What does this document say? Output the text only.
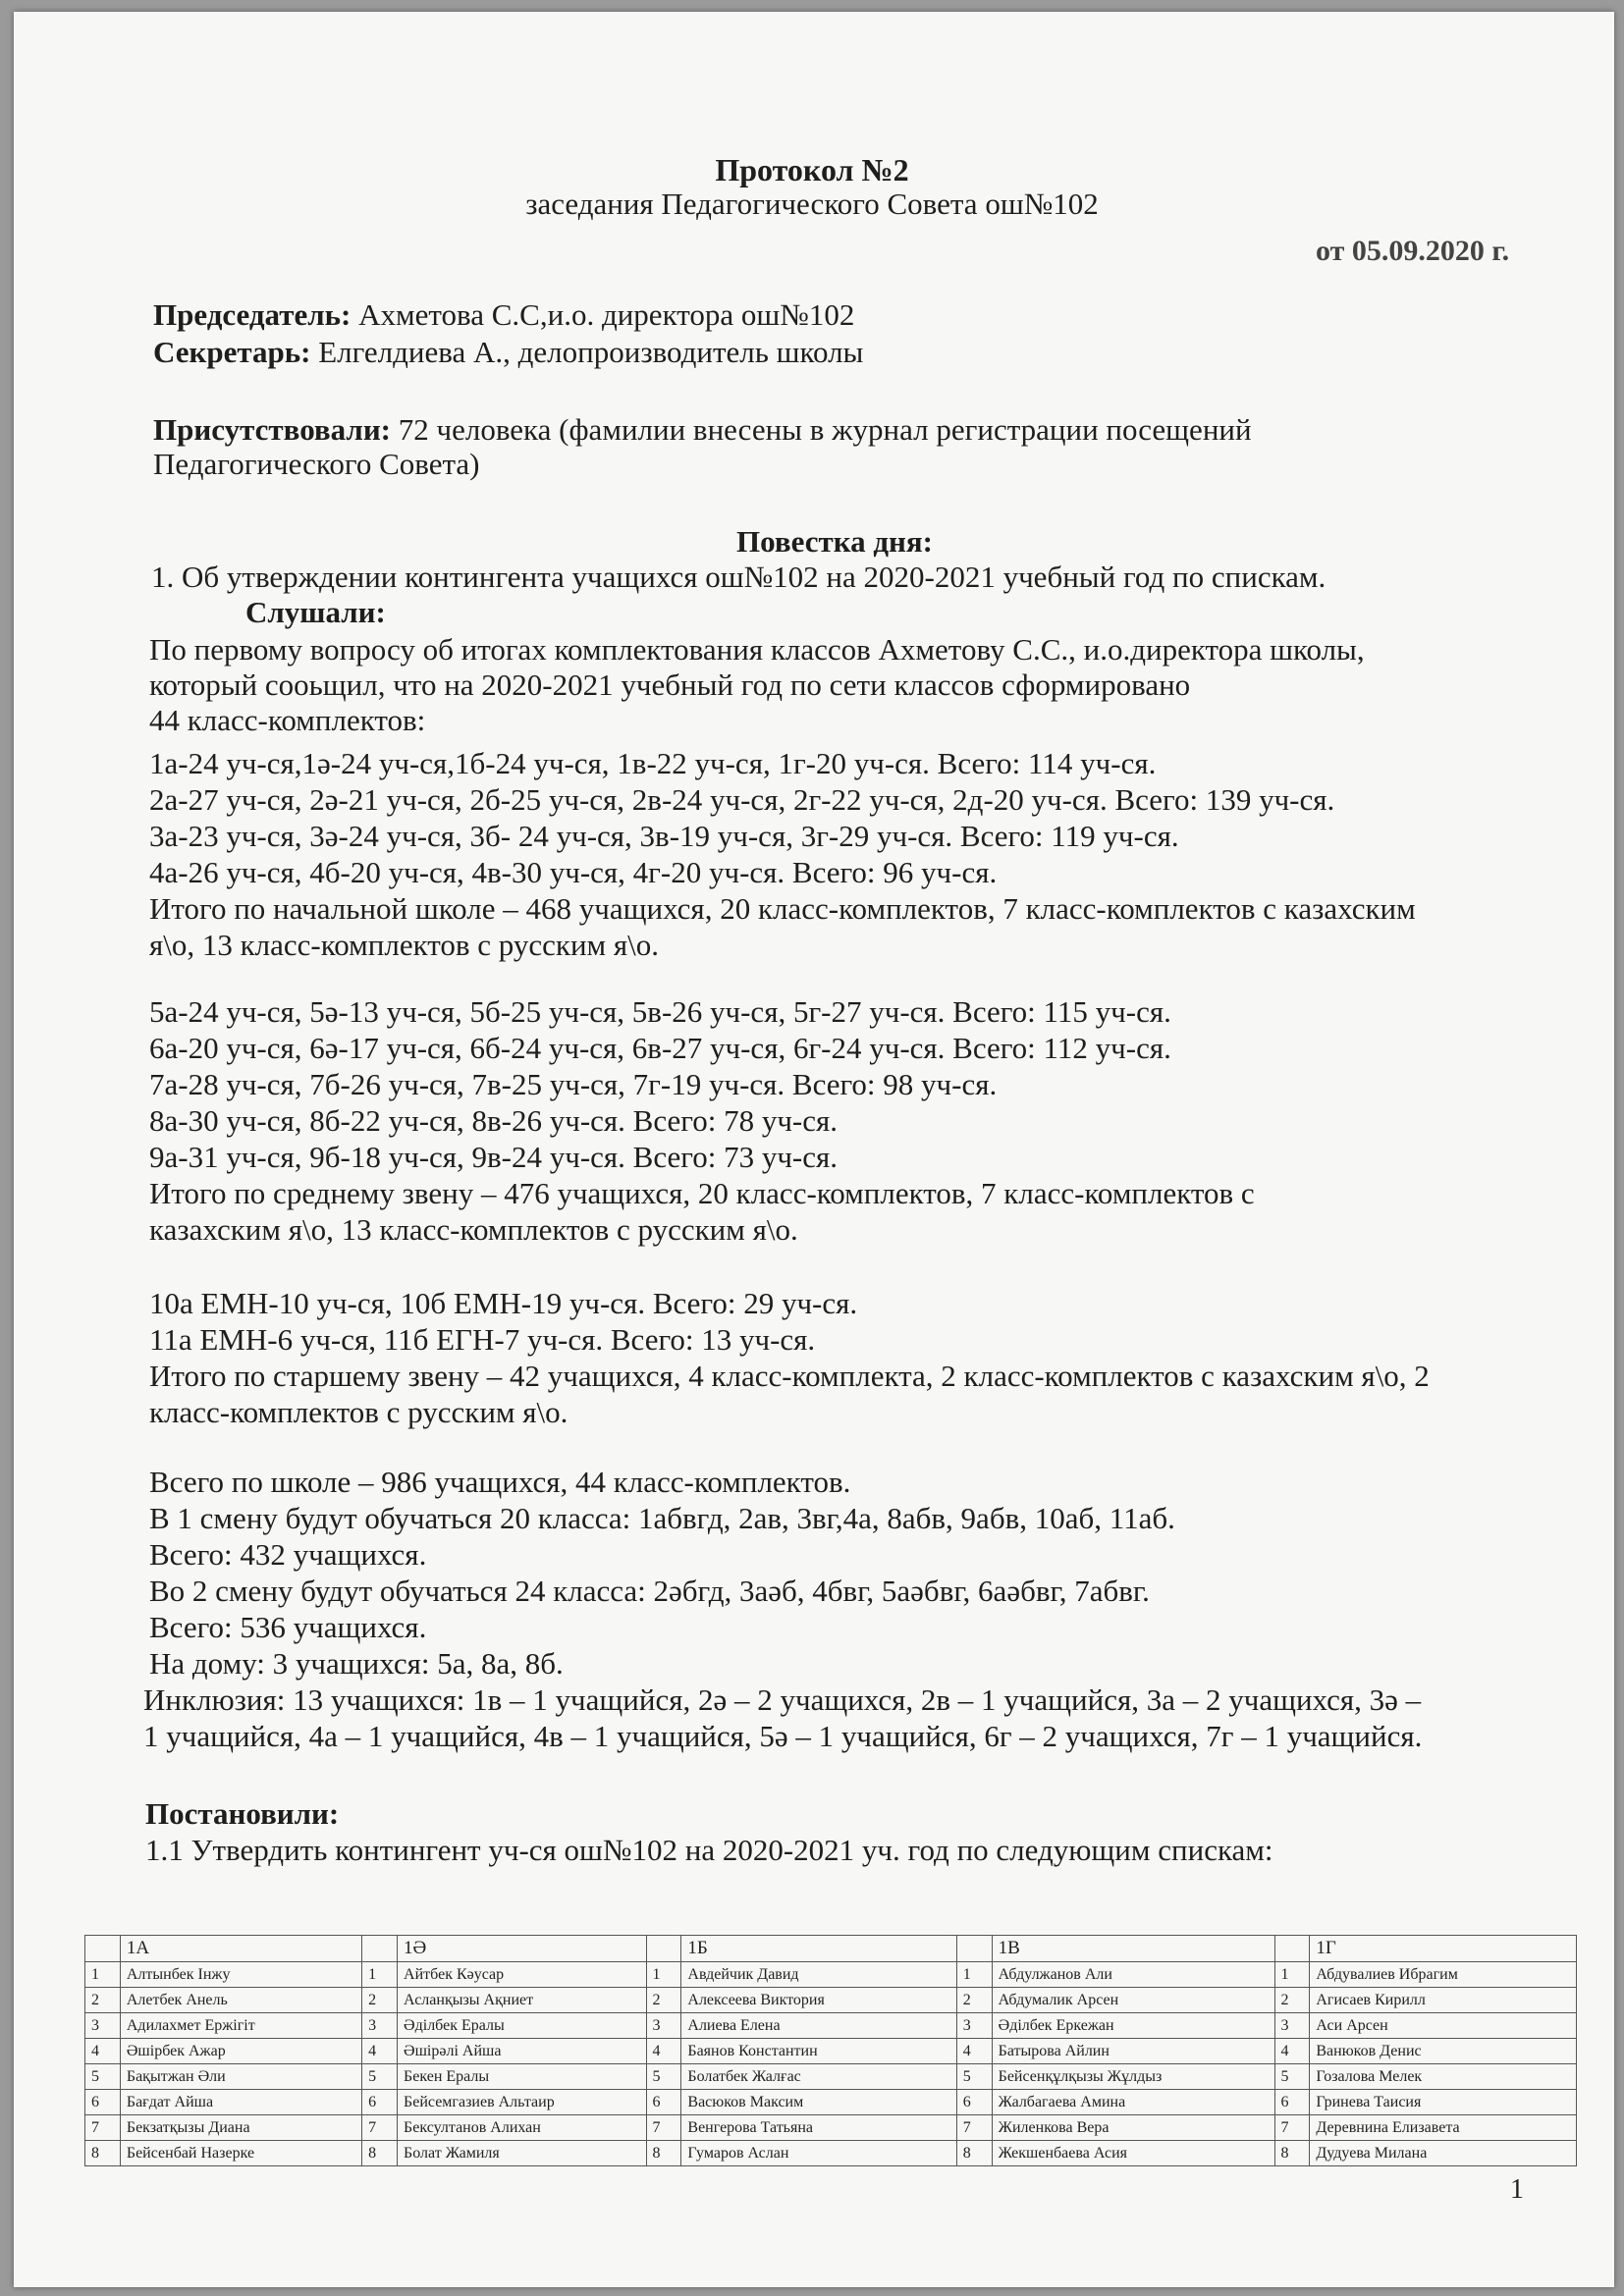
Протокол №2
заседания Педагогического Совета ош№102
от 05.09.2020 г.
Председатель: Ахметова С.С,и.о. директора ош№102
Секретарь: Елгелдиева А., делопроизводитель школы
Присутствовали: 72 человека (фамилии внесены в журнал регистрации посещений
Педагогического Совета)
Повестка дня:
1. Об утверждении контингента учащихся ош№102 на 2020-2021 учебный год по спискам.
Слушали:
По первому вопросу об итогах комплектования классов Ахметову С.С., и.о.директора школы,
который сооьщил, что на 2020-2021 учебный год по сети классов сформировано
44 класс-комплектов:
1а-24 уч-ся,1ә-24 уч-ся,1б-24 уч-ся, 1в-22 уч-ся, 1г-20 уч-ся. Всего: 114 уч-ся.
2а-27 уч-ся, 2ә-21 уч-ся, 2б-25 уч-ся, 2в-24 уч-ся, 2г-22 уч-ся, 2д-20 уч-ся. Всего: 139 уч-ся.
3а-23 уч-ся, 3ә-24 уч-ся, 3б- 24 уч-ся, 3в-19 уч-ся, 3г-29 уч-ся. Всего: 119 уч-ся.
4а-26 уч-ся, 4б-20 уч-ся, 4в-30 уч-ся, 4г-20 уч-ся. Всего: 96 уч-ся.
Итого по начальной школе – 468 учащихся, 20 класс-комплектов, 7 класс-комплектов с казахским
я\о, 13 класс-комплектов с русским я\о.
5а-24 уч-ся, 5ә-13 уч-ся, 5б-25 уч-ся, 5в-26 уч-ся, 5г-27 уч-ся. Всего: 115 уч-ся.
6а-20 уч-ся, 6ә-17 уч-ся, 6б-24 уч-ся, 6в-27 уч-ся, 6г-24 уч-ся. Всего: 112 уч-ся.
7а-28 уч-ся, 7б-26 уч-ся, 7в-25 уч-ся, 7г-19 уч-ся. Всего: 98 уч-ся.
8а-30 уч-ся, 8б-22 уч-ся, 8в-26 уч-ся. Всего: 78 уч-ся.
9а-31 уч-ся, 9б-18 уч-ся, 9в-24 уч-ся. Всего: 73 уч-ся.
Итого по среднему звену – 476 учащихся, 20 класс-комплектов, 7 класс-комплектов с
казахским я\о, 13 класс-комплектов с русским я\о.
10а ЕМН-10 уч-ся, 10б ЕМН-19 уч-ся. Всего: 29 уч-ся.
11а ЕМН-6 уч-ся, 11б ЕГН-7 уч-ся. Всего: 13 уч-ся.
Итого по старшему звену – 42 учащихся, 4 класс-комплекта, 2 класс-комплектов с казахским я\о, 2
класс-комплектов с русским я\о.
Всего по школе – 986 учащихся, 44 класс-комплектов.
В 1 смену будут обучаться 20 класса: 1абвгд, 2ав, 3вг,4а, 8абв, 9абв, 10аб, 11аб.
Всего: 432 учащихся.
Во 2 смену будут обучаться 24 класса: 2әбгд, 3аәб, 4бвг, 5аәбвг, 6аәбвг, 7абвг.
Всего: 536 учащихся.
На дому: 3 учащихся: 5а, 8а, 8б.
Инклюзия: 13 учащихся: 1в – 1 учащийся, 2ә – 2 учащихся, 2в – 1 учащийся, 3а – 2 учащихся, 3ә –
1 учащийся, 4а – 1 учащийся, 4в – 1 учащийся, 5ә – 1 учащийся, 6г – 2 учащихся, 7г – 1 учащийся.
Постановили:
1.1 Утвердить контингент уч-ся ош№102 на 2020-2021 уч. год по следующим спискам:
	1А		1Ә		1Б		1В		1Г
1	Алтынбек Інжу	1	Айтбек Кәусар	1	Авдейчик Давид	1	Абдулжанов Али	1	Абдувалиев Ибрагим
2	Алетбек Анель	2	Асланқызы Ақниет	2	Алексеева Виктория	2	Абдумалик Арсен	2	Агисаев Кирилл
3	Адилахмет Ержігіт	3	Әділбек Ералы	3	Алиева Елена	3	Әділбек Еркежан	3	Аси Арсен
4	Әшірбек Ажар	4	Әшірәлі Айша	4	Баянов Константин	4	Батырова Айлин	4	Ванюков Денис
5	Бақытжан Әли	5	Бекен Ералы	5	Болатбек Жалғас	5	Бейсенқұлқызы Жұлдыз	5	Гозалова Мелек
6	Бағдат Айша	6	Бейсемгазиев Альтаир	6	Васюков Максим	6	Жалбагаева Амина	6	Гринева Таисия
7	Бекзатқызы Диана	7	Бексултанов Алихан	7	Венгерова Татьяна	7	Жиленкова Вера	7	Деревнина Елизавета
8	Бейсенбай Назерке	8	Болат Жамиля	8	Гумаров Аслан	8	Жекшенбаева Асия	8	Дудуева Милана
1
